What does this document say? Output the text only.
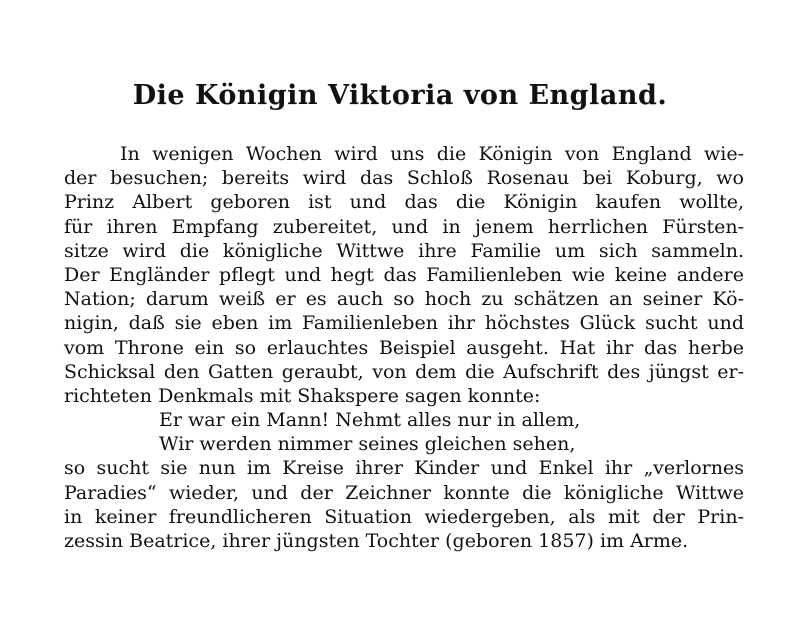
Die Königin Viktoria von England.
In wenigen Wochen wird uns die Königin von England wie-
der besuchen; bereits wird das Schloß Rosenau bei Koburg, wo
Prinz Albert geboren ist und das die Königin kaufen wollte,
für ihren Empfang zubereitet, und in jenem herrlichen Fürsten-
sitze wird die königliche Wittwe ihre Familie um sich sammeln.
Der Engländer pflegt und hegt das Familienleben wie keine andere
Nation; darum weiß er es auch so hoch zu schätzen an seiner Kö-
nigin, daß sie eben im Familienleben ihr höchstes Glück sucht und
vom Throne ein so erlauchtes Beispiel ausgeht. Hat ihr das herbe
Schicksal den Gatten geraubt, von dem die Aufschrift des jüngst er-
richteten Denkmals mit Shakspere sagen konnte:
Er war ein Mann! Nehmt alles nur in allem,
Wir werden nimmer seines gleichen sehen,
so sucht sie nun im Kreise ihrer Kinder und Enkel ihr „verlornes
Paradies“ wieder, und der Zeichner konnte die königliche Wittwe
in keiner freundlicheren Situation wiedergeben, als mit der Prin-
zessin Beatrice, ihrer jüngsten Tochter (geboren 1857) im Arme.
